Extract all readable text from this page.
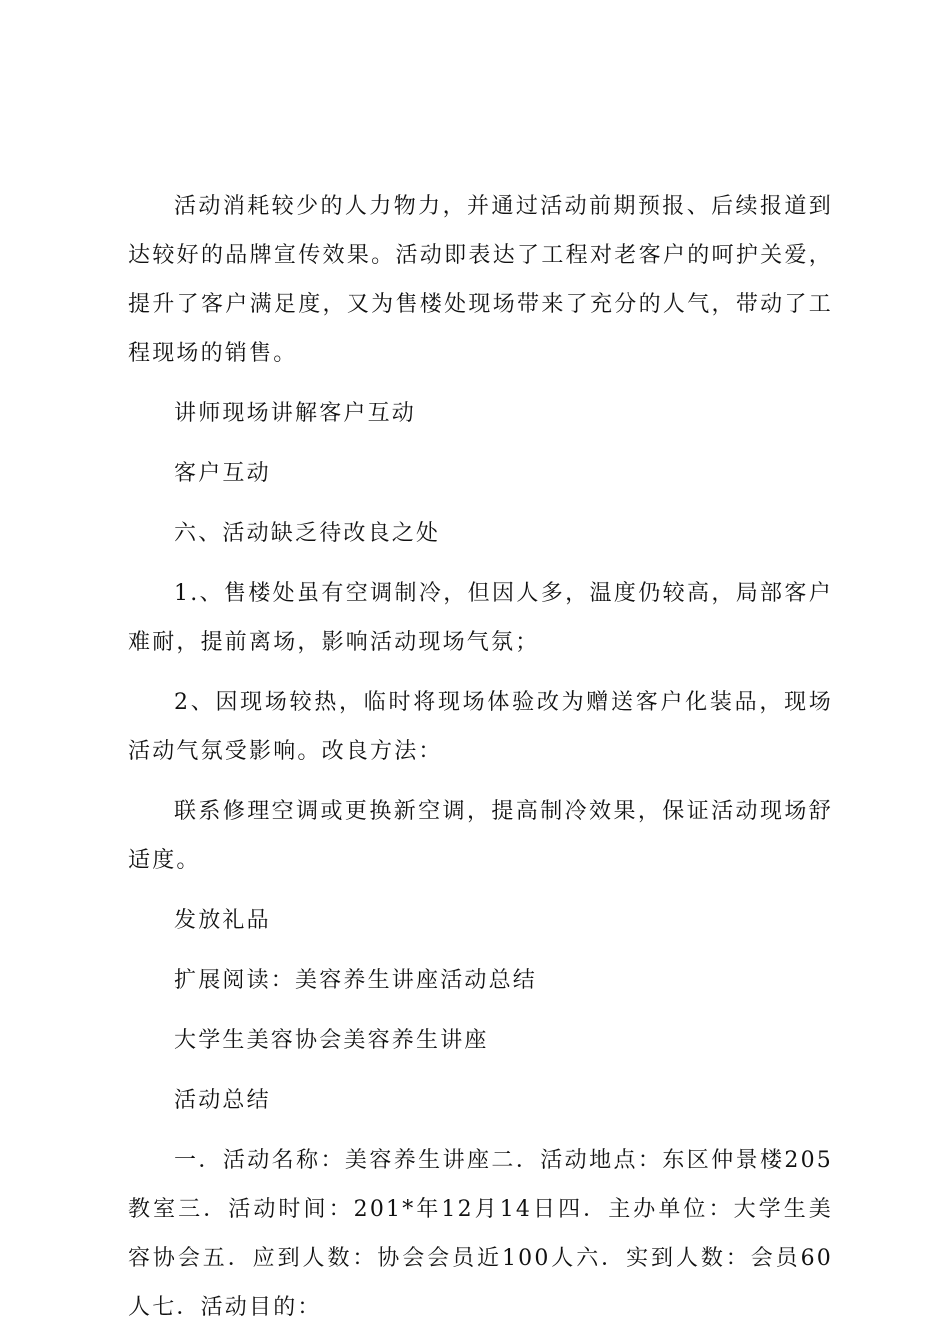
活动消耗较少的人力物力，并通过活动前期预报、后续报道到达较好的品牌宣传效果。活动即表达了工程对老客户的呵护关爱，提升了客户满足度，又为售楼处现场带来了充分的人气，带动了工程现场的销售。

讲师现场讲解客户互动

客户互动

六、活动缺乏待改良之处

1.、售楼处虽有空调制冷，但因人多，温度仍较高，局部客户难耐，提前离场，影响活动现场气氛；

2、因现场较热，临时将现场体验改为赠送客户化装品，现场活动气氛受影响。改良方法：

联系修理空调或更换新空调，提高制冷效果，保证活动现场舒适度。

发放礼品

扩展阅读：美容养生讲座活动总结

大学生美容协会美容养生讲座

活动总结

一．活动名称：美容养生讲座二．活动地点：东区仲景楼205教室三．活动时间：201*年12月14日四．主办单位：大学生美容协会五．应到人数：协会会员近100人六．实到人数：会员60人七．活动目的：
